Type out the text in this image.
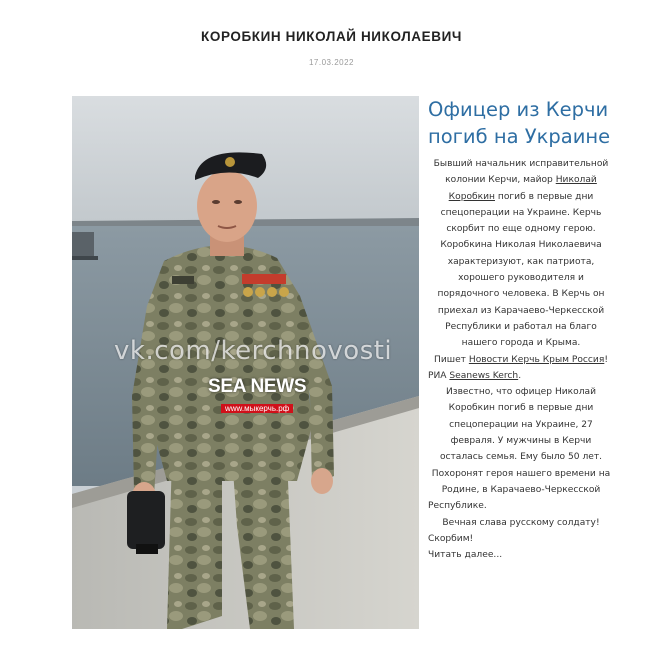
КОРОБКИН НИКОЛАЙ НИКОЛАЕВИЧ
17.03.2022
vk.com/kerchnovosti
SEA NEWS
www.мыкерчь.рф
Офицер из Керчи
погиб на Украине
Бывший начальник исправительной
колонии Керчи, майор Николай
Коробкин погиб в первые дни
спецоперации на Украине. Керчь
скорбит по еще одному герою.
Коробкина Николая Николаевича
характеризуют, как патриота,
хорошего руководителя и
порядочного человека. В Керчь он
приехал из Карачаево-Черкесской
Республики и работал на благо
нашего города и Крыма.
Пишет Новости Керчь Крым Россия!
РИА Seanews Kerch.
Известно, что офицер Николай
Коробкин погиб в первые дни
спецоперации на Украине, 27
февраля. У мужчины в Керчи
осталась семья. Ему было 50 лет.
Похоронят героя нашего времени на
Родине, в Карачаево-Черкесской
Республике.
Вечная слава русскому солдату!
Скорбим!
Читать далее...
